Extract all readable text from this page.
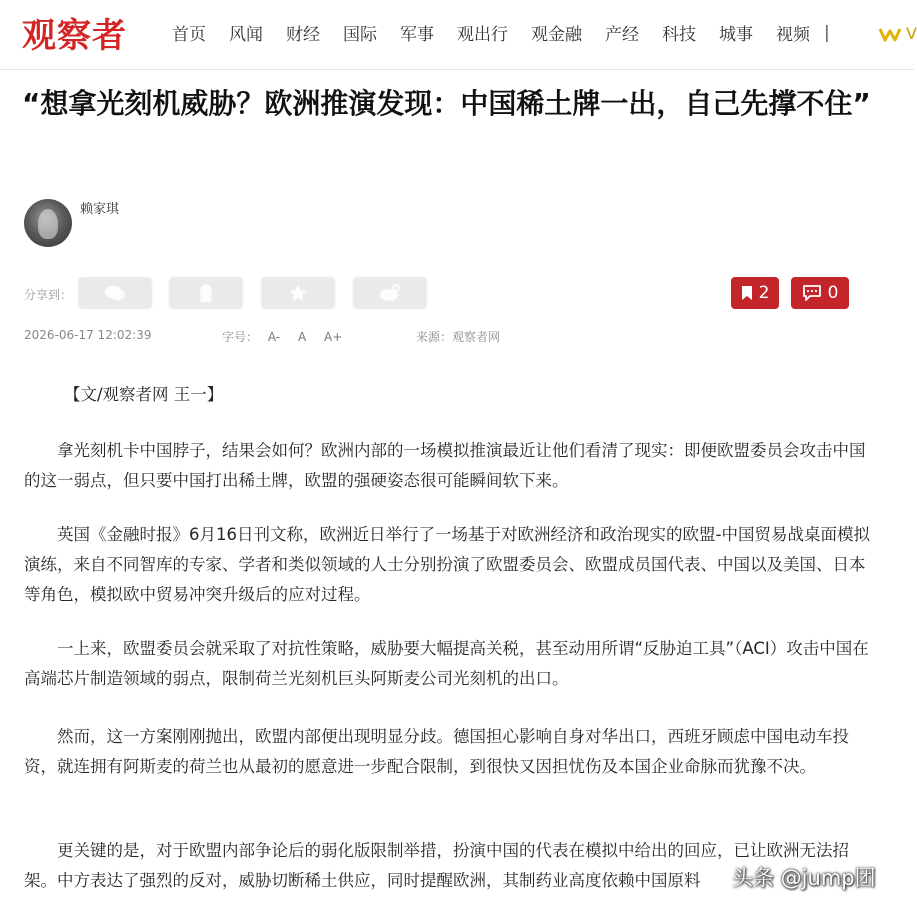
观察者	首页 风闻 财经 国际 军事 观出行 观金融 产经 科技 城事 视频 |	V
“想拿光刻机威胁？欧洲推演发现：中国稀土牌一出，自己先撑不住”
赖家琪
分享到：	2	0
2026-06-17 12:02:39	字号： A- A A+	来源：观察者网
【文/观察者网 王一】

拿光刻机卡中国脖子，结果会如何？欧洲内部的一场模拟推演最近让他们看清了现实：即便欧盟委员会攻击中国的这一弱点，但只要中国打出稀土牌，欧盟的强硬姿态很可能瞬间软下来。

英国《金融时报》6月16日刊文称，欧洲近日举行了一场基于对欧洲经济和政治现实的欧盟-中国贸易战桌面模拟演练，来自不同智库的专家、学者和类似领域的人士分别扮演了欧盟委员会、欧盟成员国代表、中国以及美国、日本等角色，模拟欧中贸易冲突升级后的应对过程。

一上来，欧盟委员会就采取了对抗性策略，威胁要大幅提高关税，甚至动用所谓“反胁迫工具”（ACI）攻击中国在高端芯片制造领域的弱点，限制荷兰光刻机巨头阿斯麦公司光刻机的出口。

然而，这一方案刚刚抛出，欧盟内部便出现明显分歧。德国担心影响自身对华出口，西班牙顾虑中国电动车投资，就连拥有阿斯麦的荷兰也从最初的愿意进一步配合限制，到很快又因担忧伤及本国企业命脉而犹豫不决。

更关键的是，对于欧盟内部争论后的弱化版限制举措，扮演中国的代表在模拟中给出的回应，已让欧洲无法招架。中方表达了强烈的反对，威胁切断稀土供应，同时提醒欧洲，其制药业高度依赖中国原料	头条 @jump团
